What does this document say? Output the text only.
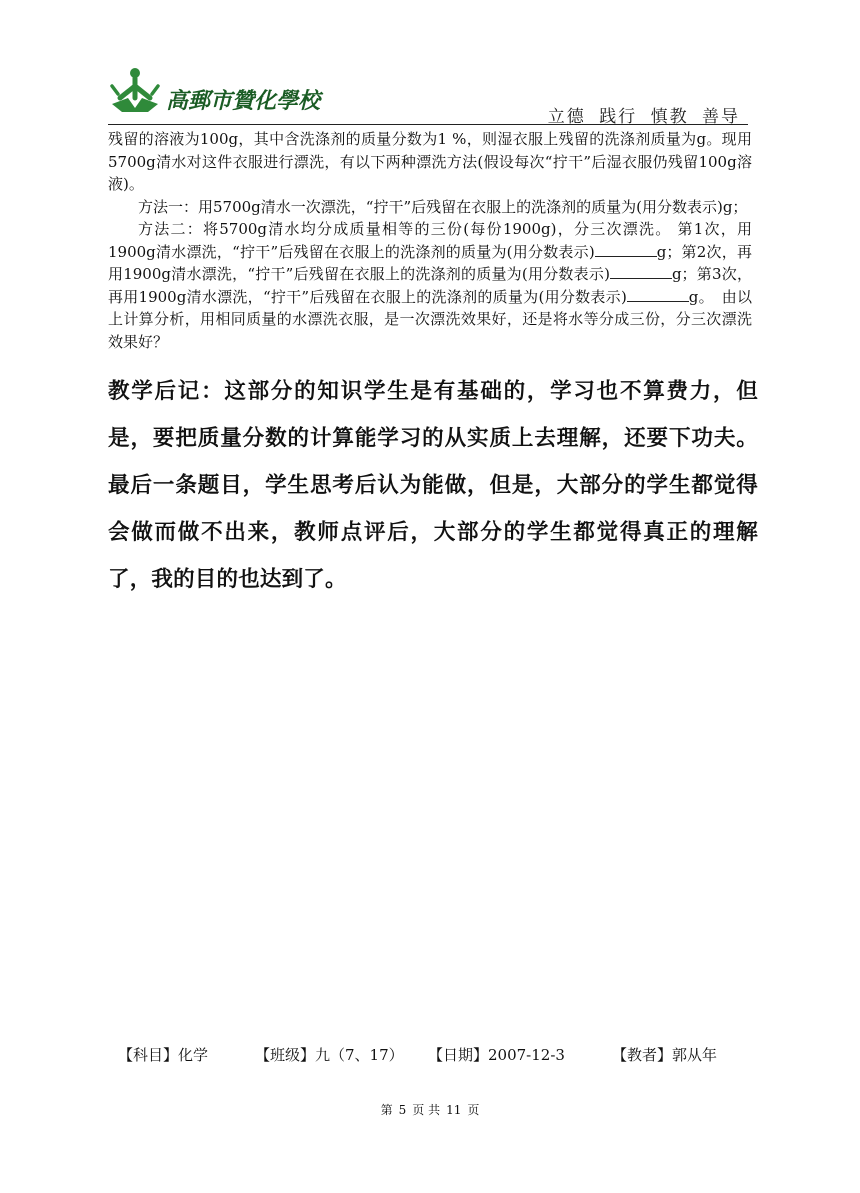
高郵市贊化學校
立德 践行 慎教 善导

残留的溶液为100g，其中含洗涤剂的质量分数为1 %，则湿衣服上残留的洗涤剂质量为g。现用5700g清水对这件衣服进行漂洗，有以下两种漂洗方法(假设每次“拧干”后湿衣服仍残留100g溶液)。

方法一：用5700g清水一次漂洗，“拧干”后残留在衣服上的洗涤剂的质量为(用分数表示)g；

方法二：将5700g清水均分成质量相等的三份(每份1900g)，分三次漂洗。 第1次，用1900g清水漂洗，“拧干”后残留在衣服上的洗涤剂的质量为(用分数表示)	g；第2次，再用1900g清水漂洗，“拧干”后残留在衣服上的洗涤剂的质量为(用分数表示)	g；第3次，再用1900g清水漂洗，“拧干”后残留在衣服上的洗涤剂的质量为(用分数表示)	g。　由以上计算分析，用相同质量的水漂洗衣服，是一次漂洗效果好，还是将水等分成三份，分三次漂洗效果好？

教学后记：这部分的知识学生是有基础的，学习也不算费力，但是，要把质量分数的计算能学习的从实质上去理解，还要下功夫。最后一条题目，学生思考后认为能做，但是，大部分的学生都觉得会做而做不出来，教师点评后，大部分的学生都觉得真正的理解了，我的目的也达到了。
【科目】化学	【班级】九（7、17） 【日期】2007-12-3	【教者】郭从年
第 5 页 共 11 页
